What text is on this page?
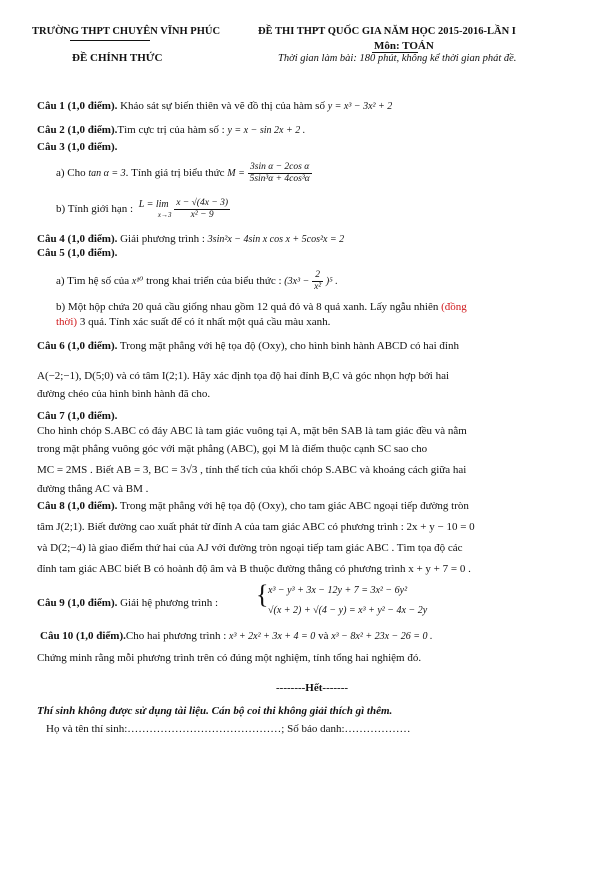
TRƯỜNG THPT CHUYÊN VĨNH PHÚC
ĐỀ CHÍNH THỨC
ĐỀ THI THPT QUỐC GIA NĂM HỌC 2015-2016-LẦN I
Môn: TOÁN
Thời gian làm bài: 180 phút, không kể thời gian phát đề.
Câu 1 (1,0 điểm). Khảo sát sự biến thiên và vẽ đồ thị của hàm số y = x³ − 3x² + 2
Câu 2 (1,0 điểm).Tìm cực trị của hàm số : y = x − sin 2x + 2 .
Câu 3 (1,0 điểm).
a) Cho tan α = 3. Tính giá trị biểu thức $M = \frac{\text{3sin α − 2cos α}}{\text{5sin³α + 4cos³α}}$
b) Tính giới hạn : L = lim
x→3
$\frac{x - √(4x - 3)}{\text{x² − 9}}$
Câu 4 (1,0 điểm). Giải phương trình : 3sin²x − 4sin x cos x + 5cos²x = 2
Câu 5 (1,0 điểm).
a) Tìm hệ số của x¹⁰ trong khai triển của biểu thức : $(3x^3 - \frac{2}{\text{x²}} )^5$ .
b) Một hộp chứa 20 quả cầu giống nhau gồm 12 quả đỏ và 8 quả xanh. Lấy ngẫu nhiên (đồng
thời) 3 quả. Tính xác suất để có ít nhất một quả cầu màu xanh.
Câu 6 (1,0 điểm). Trong mặt phẳng với hệ tọa độ (Oxy), cho hình bình hành ABCD có hai đỉnh
A(−2;−1), D(5;0) và có tâm I(2;1). Hãy xác định tọa độ hai đỉnh B,C và góc nhọn hợp bởi hai
đường chéo của hình bình hành đã cho.
Câu 7 (1,0 điểm).
Cho hình chóp S.ABC có đáy ABC là tam giác vuông tại A, mặt bên SAB là tam giác đều và nằm
trong mặt phẳng vuông góc với mặt phẳng (ABC), gọi M là điểm thuộc cạnh SC sao cho
MC = 2MS . Biết AB = 3, BC = 3√3 , tính thể tích của khối chóp S.ABC và khoảng cách giữa hai
đường thẳng AC và BM .
Câu 8 (1,0 điểm). Trong mặt phẳng với hệ tọa độ (Oxy), cho tam giác ABC ngoại tiếp đường tròn
tâm J(2;1). Biết đường cao xuất phát từ đỉnh A của tam giác ABC có phương trình : 2x + y − 10 = 0
và D(2;−4) là giao điểm thứ hai của AJ với đường tròn ngoại tiếp tam giác ABC . Tìm tọa độ các
đỉnh tam giác ABC biết B có hoành độ âm và B thuộc đường thẳng có phương trình x + y + 7 = 0 .
Câu 9 (1,0 điểm). Giải hệ phương trình : { x³ − y³ + 3x − 12y + 7 = 3x² − 6y²
√(x + 2) + √(4 − y) = x³ + y² − 4x − 2y
Câu 10 (1,0 điểm).Cho hai phương trình : x³ + 2x² + 3x + 4 = 0 và x³ − 8x² + 23x − 26 = 0 .
Chứng minh rằng mỗi phương trình trên có đúng một nghiệm, tính tổng hai nghiệm đó.
--------Hết-------
Thí sinh không được sử dụng tài liệu. Cán bộ coi thi không giải thích gì thêm.
Họ và tên thí sinh:……………………………………; Số báo danh:………………
